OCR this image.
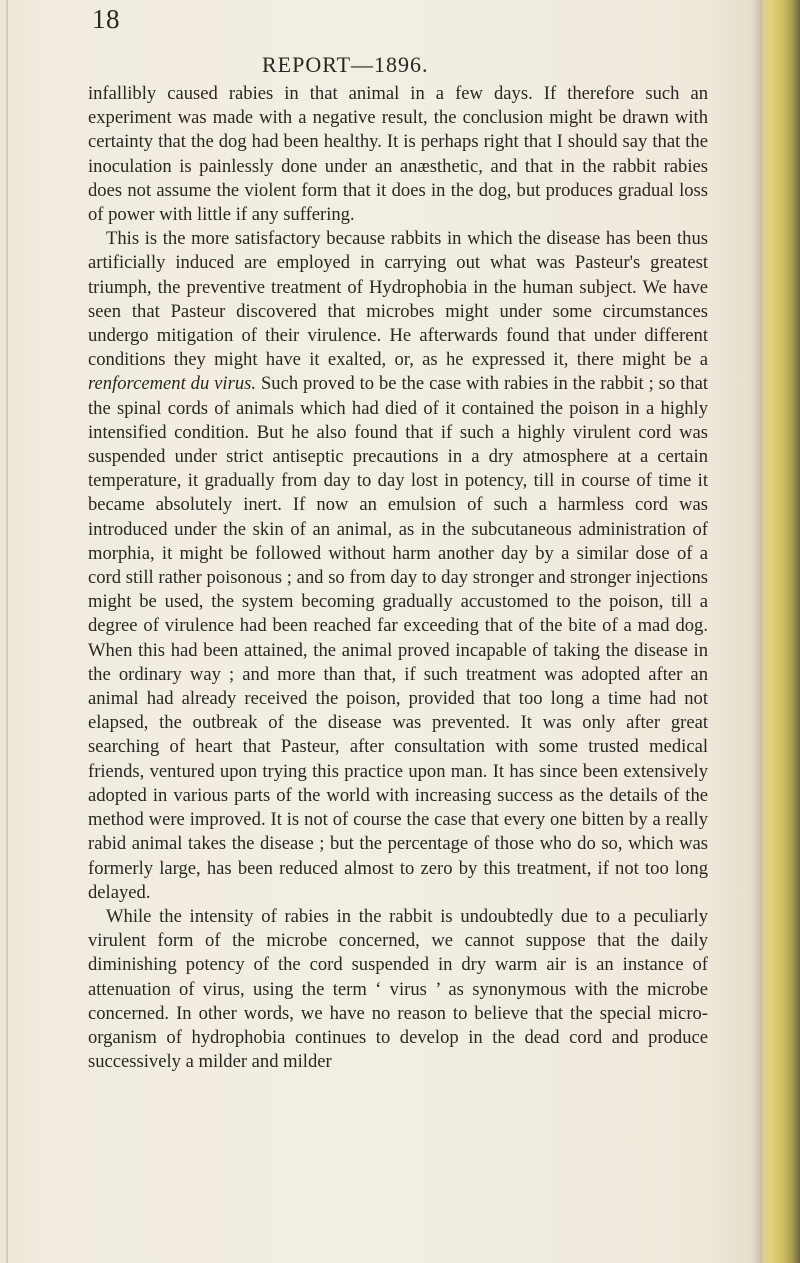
18
REPORT—1896.

infallibly caused rabies in that animal in a few days. If therefore such an experiment was made with a negative result, the conclusion might be drawn with certainty that the dog had been healthy. It is perhaps right that I should say that the inoculation is painlessly done under an anæsthetic, and that in the rabbit rabies does not assume the violent form that it does in the dog, but produces gradual loss of power with little if any suffering.

This is the more satisfactory because rabbits in which the disease has been thus artificially induced are employed in carrying out what was Pasteur's greatest triumph, the preventive treatment of Hydrophobia in the human subject. We have seen that Pasteur discovered that microbes might under some circumstances undergo mitigation of their virulence. He afterwards found that under different conditions they might have it exalted, or, as he expressed it, there might be a renforcement du virus. Such proved to be the case with rabies in the rabbit ; so that the spinal cords of animals which had died of it contained the poison in a highly intensified condition. But he also found that if such a highly virulent cord was suspended under strict antiseptic precautions in a dry atmosphere at a certain temperature, it gradually from day to day lost in potency, till in course of time it became absolutely inert. If now an emulsion of such a harmless cord was introduced under the skin of an animal, as in the subcutaneous administration of morphia, it might be followed without harm another day by a similar dose of a cord still rather poisonous ; and so from day to day stronger and stronger injections might be used, the system becoming gradually accustomed to the poison, till a degree of virulence had been reached far exceeding that of the bite of a mad dog. When this had been attained, the animal proved incapable of taking the disease in the ordinary way ; and more than that, if such treatment was adopted after an animal had already received the poison, provided that too long a time had not elapsed, the outbreak of the disease was prevented. It was only after great searching of heart that Pasteur, after consultation with some trusted medical friends, ventured upon trying this practice upon man. It has since been extensively adopted in various parts of the world with increasing success as the details of the method were improved. It is not of course the case that every one bitten by a really rabid animal takes the disease ; but the percentage of those who do so, which was formerly large, has been reduced almost to zero by this treatment, if not too long delayed.

While the intensity of rabies in the rabbit is undoubtedly due to a peculiarly virulent form of the microbe concerned, we cannot suppose that the daily diminishing potency of the cord suspended in dry warm air is an instance of attenuation of virus, using the term ‘ virus ’ as synonymous with the microbe concerned. In other words, we have no reason to believe that the special micro-organism of hydrophobia continues to develop in the dead cord and produce successively a milder and milder
